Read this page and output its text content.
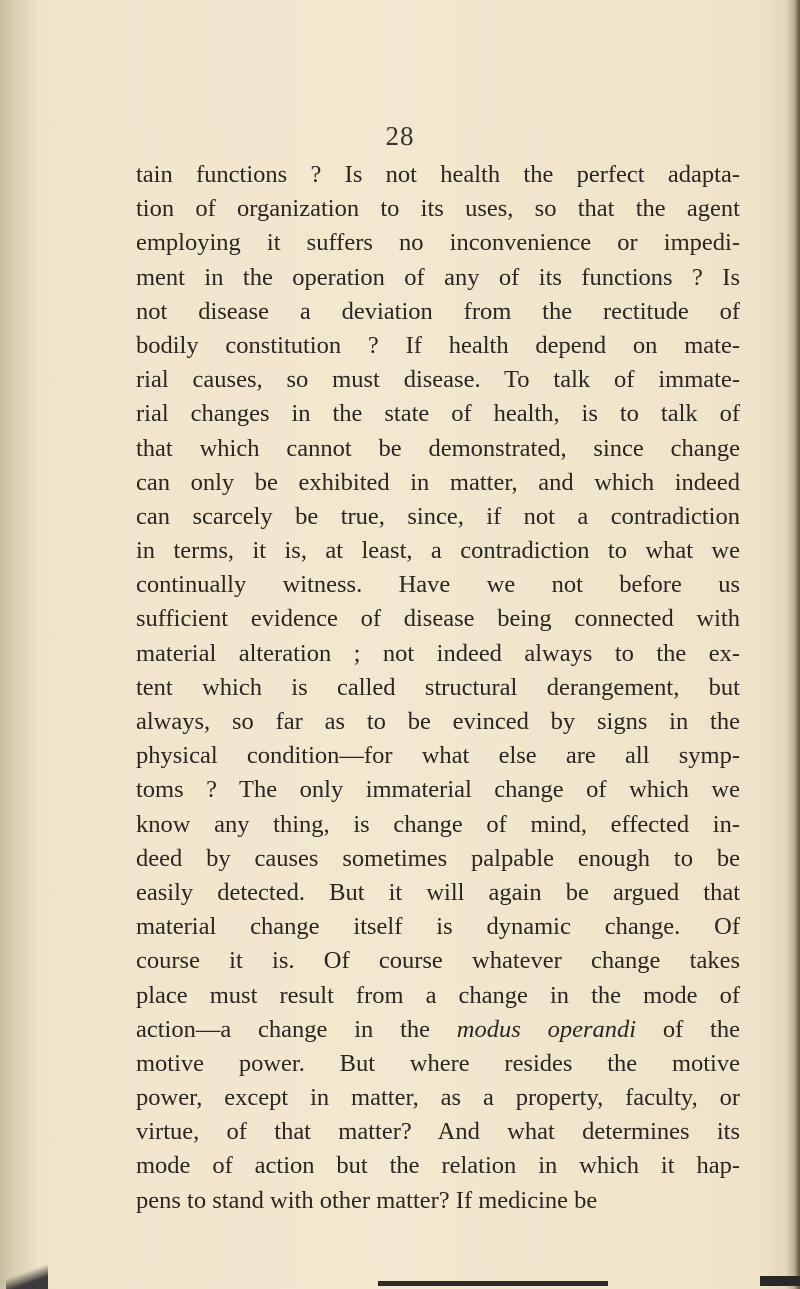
28
tain functions ? Is not health the perfect adapta-
tion of organization to its uses, so that the agent
employing it suffers no inconvenience or impedi-
ment in the operation of any of its functions ? Is
not disease a deviation from the rectitude of
bodily constitution ? If health depend on mate-
rial causes, so must disease. To talk of immate-
rial changes in the state of health, is to talk of
that which cannot be demonstrated, since change
can only be exhibited in matter, and which indeed
can scarcely be true, since, if not a contradiction
in terms, it is, at least, a contradiction to what we
continually witness. Have we not before us
sufficient evidence of disease being connected with
material alteration ; not indeed always to the ex-
tent which is called structural derangement, but
always, so far as to be evinced by signs in the
physical condition—for what else are all symp-
toms ? The only immaterial change of which we
know any thing, is change of mind, effected in-
deed by causes sometimes palpable enough to be
easily detected. But it will again be argued that
material change itself is dynamic change. Of
course it is. Of course whatever change takes
place must result from a change in the mode of
action—a change in the modus operandi of the
motive power. But where resides the motive
power, except in matter, as a property, faculty, or
virtue, of that matter? And what determines its
mode of action but the relation in which it hap-
pens to stand with other matter? If medicine be
